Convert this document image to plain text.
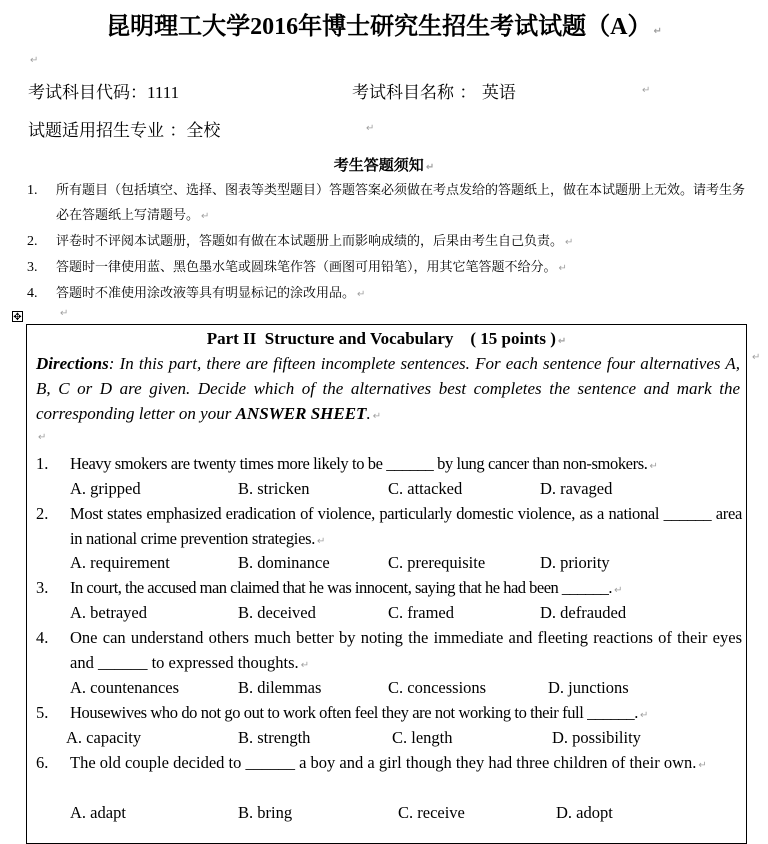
昆明理工大学2016年博士研究生招生考试试题（A） ↵
↵
考试科目代码：1111	考试科目名称 ： 英语	↵
试题适用招生专业 ：全校	↵
考生答题须知 ↵
1. 所有题目（包括填空、选择、图表等类型题目）答题答案必须做在考点发给的答题纸上，做在本试题册上无效。请考生务必在答题纸上写清题号。 ↵
2. 评卷时不评阅本试题册，答题如有做在本试题册上而影响成绩的，后果由考生自己负责。 ↵
3. 答题时一律使用蓝、黑色墨水笔或圆珠笔作答（画图可用铅笔），用其它笔答题不给分。 ↵
4. 答题时不准使用涂改液等具有明显标记的涂改用品。 ↵
✥	↵
Part II  Structure and Vocabulary    ( 15 points ) ↵
Directions: In this part, there are fifteen incomplete sentences. For each sentence four alternatives A, B, C or D are given. Decide which of the alternatives best completes the sentence and mark the corresponding letter on your ANSWER SHEET. ↵
↵
↵
1. Heavy smokers are twenty times more likely to be ______ by lung cancer than non-smokers. ↵
A. gripped	B. stricken	C. attacked	D. ravaged
2. Most states emphasized eradication of violence, particularly domestic violence, as a national ______ area in national crime prevention strategies. ↵
A. requirement	B. dominance	C. prerequisite	D. priority
3. In court, the accused man claimed that he was innocent, saying that he had been ______. ↵
A. betrayed	B. deceived	C. framed	D. defrauded
4. One can understand others much better by noting the immediate and fleeting reactions of their eyes and ______ to expressed thoughts. ↵
A. countenances	B. dilemmas	C. concessions	D. junctions
5. Housewives who do not go out to work often feel they are not working to their full ______. ↵
A. capacity	B. strength	C. length	D. possibility
6. The old couple decided to ______ a boy and a girl though they had three children of their own. ↵
A. adapt	B. bring	C. receive	D. adopt
